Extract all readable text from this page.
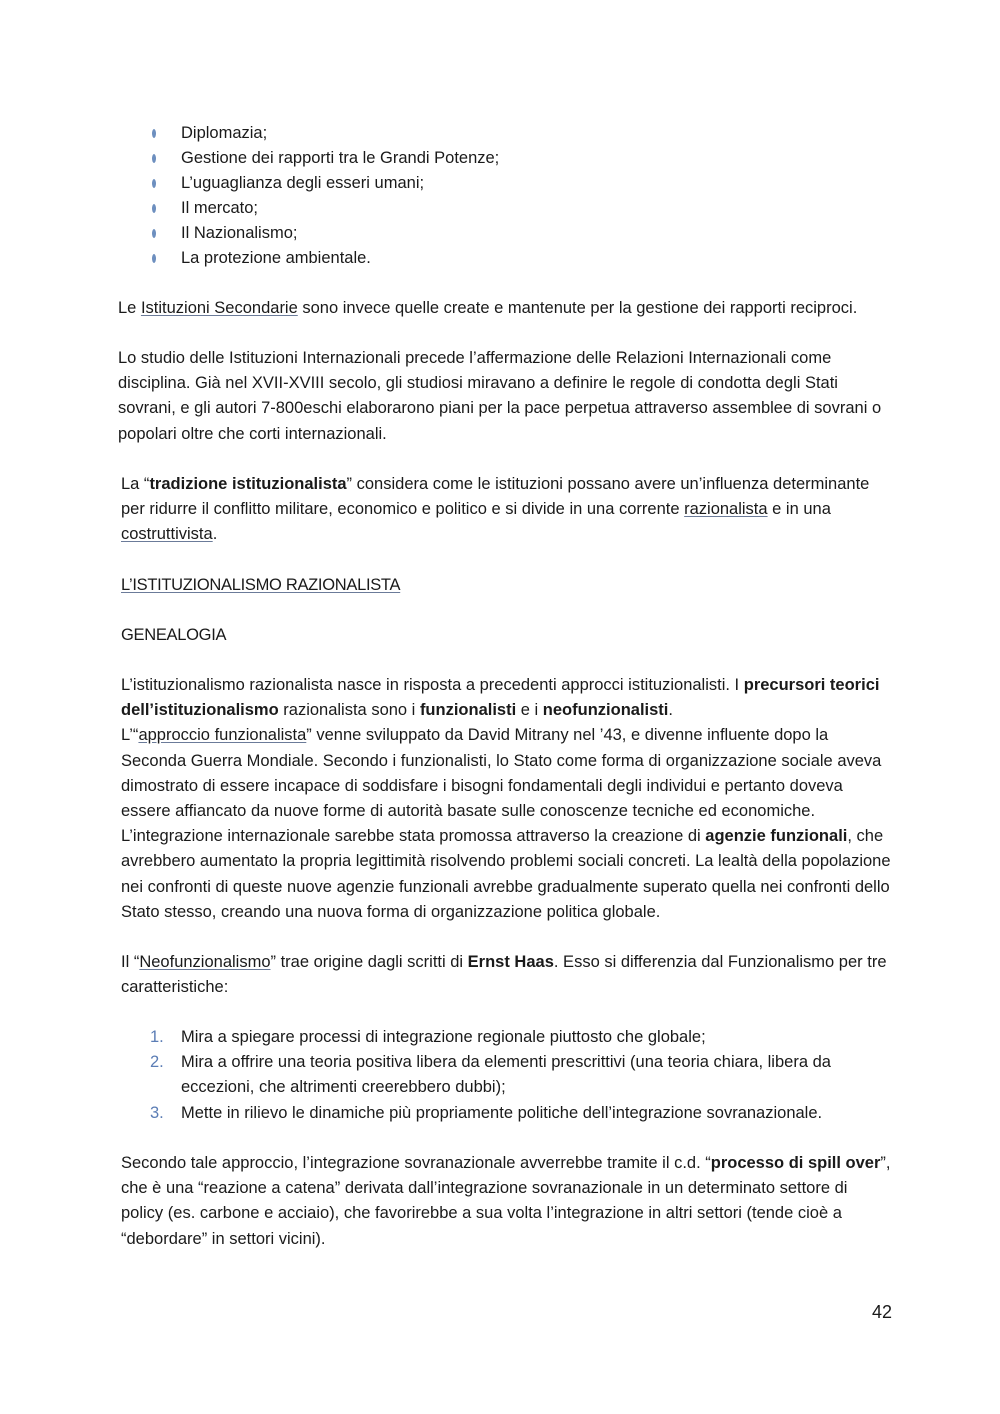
Diplomazia;
Gestione dei rapporti tra le Grandi Potenze;
L’uguaglianza degli esseri umani;
Il mercato;
Il Nazionalismo;
La protezione ambientale.

Le Istituzioni Secondarie sono invece quelle create e mantenute per la gestione dei rapporti reciproci.

Lo studio delle Istituzioni Internazionali precede l’affermazione delle Relazioni Internazionali come disciplina. Già nel XVII-XVIII secolo, gli studiosi miravano a definire le regole di condotta degli Stati sovrani, e gli autori 7-800eschi elaborarono piani per la pace perpetua attraverso assemblee di sovrani o popolari oltre che corti internazionali.

La “tradizione istituzionalista” considera come le istituzioni possano avere un’influenza determinante per ridurre il conflitto militare, economico e politico e si divide in una corrente razionalista e in una costruttivista.

L’ISTITUZIONALISMO RAZIONALISTA

GENEALOGIA

L’istituzionalismo razionalista nasce in risposta a precedenti approcci istituzionalisti. I precursori teorici dell’istituzionalismo razionalista sono i funzionalisti e i neofunzionalisti.
L’“approccio funzionalista” venne sviluppato da David Mitrany nel ’43, e divenne influente dopo la Seconda Guerra Mondiale. Secondo i funzionalisti, lo Stato come forma di organizzazione sociale aveva dimostrato di essere incapace di soddisfare i bisogni fondamentali degli individui e pertanto doveva essere affiancato da nuove forme di autorità basate sulle conoscenze tecniche ed economiche. L’integrazione internazionale sarebbe stata promossa attraverso la creazione di agenzie funzionali, che avrebbero aumentato la propria legittimità risolvendo problemi sociali concreti. La lealtà della popolazione nei confronti di queste nuove agenzie funzionali avrebbe gradualmente superato quella nei confronti dello Stato stesso, creando una nuova forma di organizzazione politica globale.

Il “Neofunzionalismo” trae origine dagli scritti di Ernst Haas. Esso si differenzia dal Funzionalismo per tre caratteristiche:

1. Mira a spiegare processi di integrazione regionale piuttosto che globale;
2. Mira a offrire una teoria positiva libera da elementi prescrittivi (una teoria chiara, libera da eccezioni, che altrimenti creerebbero dubbi);
3. Mette in rilievo le dinamiche più propriamente politiche dell’integrazione sovranazionale.

Secondo tale approccio, l’integrazione sovranazionale avverrebbe tramite il c.d. “processo di spill over”, che è una “reazione a catena” derivata dall’integrazione sovranazionale in un determinato settore di policy (es. carbone e acciaio), che favorirebbe a sua volta l’integrazione in altri settori (tende cioè a “debordare” in settori vicini).

42
